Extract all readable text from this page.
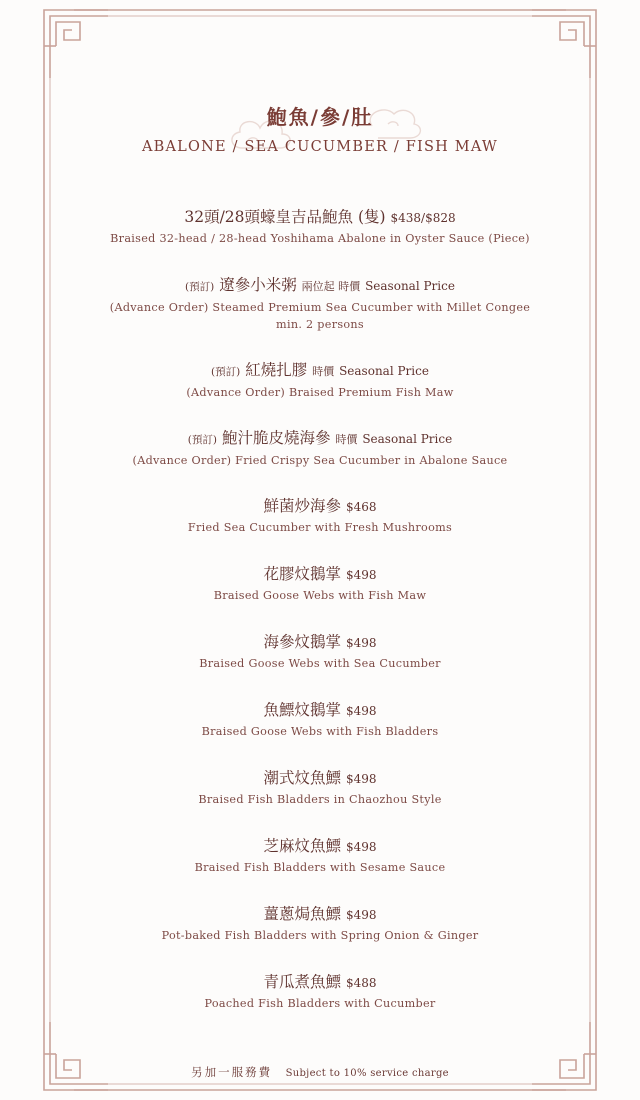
鮑魚/參/肚
ABALONE / SEA CUCUMBER / FISH MAW
32頭/28頭蠔皇吉品鮑魚 (隻) $438/$828
Braised 32-head / 28-head Yoshihama Abalone in Oyster Sauce (Piece)
(預訂) 遼參小米粥 兩位起 時價 Seasonal Price
(Advance Order) Steamed Premium Sea Cucumber with Millet Congee
min. 2 persons
(預訂) 紅燒扎膠 時價 Seasonal Price
(Advance Order) Braised Premium Fish Maw
(預訂) 鮑汁脆皮燒海參 時價 Seasonal Price
(Advance Order) Fried Crispy Sea Cucumber in Abalone Sauce
鮮菌炒海參 $468
Fried Sea Cucumber with Fresh Mushrooms
花膠炆鵝掌 $498
Braised Goose Webs with Fish Maw
海參炆鵝掌 $498
Braised Goose Webs with Sea Cucumber
魚鰾炆鵝掌 $498
Braised Goose Webs with Fish Bladders
潮式炆魚鰾 $498
Braised Fish Bladders in Chaozhou Style
芝麻炆魚鰾 $498
Braised Fish Bladders with Sesame Sauce
薑蔥焗魚鰾 $498
Pot-baked Fish Bladders with Spring Onion & Ginger
青瓜煮魚鰾 $488
Poached Fish Bladders with Cucumber
另加一服務費 Subject to 10% service charge
